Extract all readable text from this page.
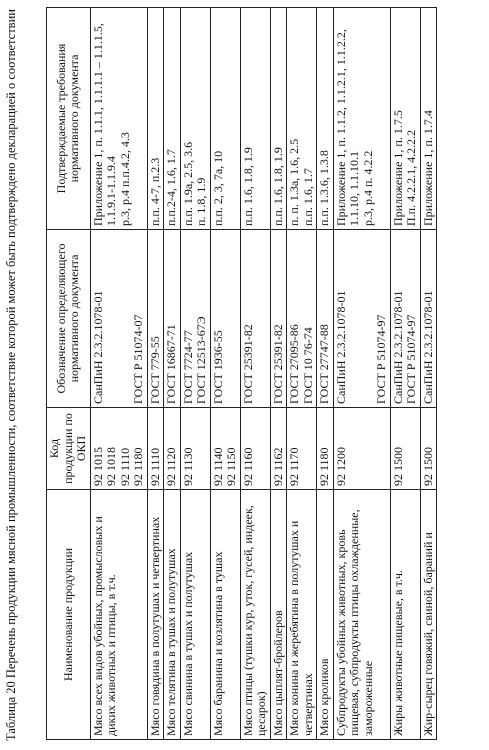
Таблица 20 Перечень продукции мясной промышленности, соответствие которой может быть подтверждено декларацией о соответствии	Наименование продукции	Код продукции по ОКП	Обозначение определяющего нормативного документа	Подтверждаемые требования нормативного документа

Мясо всех видов убойных, промысловых и диких животных и птицы, в т.ч.	92 1015 92 1018 92 1110 92 1180	СанПиН 2.3.2.1078-01 ГОСТ Р 51074-07	Приложение 1, п. 1.1.1, 1.1.1.1 – 1.1.1.5, 1.1.9.1-1.1.9.4 р.3, р.4 п.п.4.2, 4.3

Мясо говядина в полутушах и четвертинах	92 1110	ГОСТ 779-55	п.п. 4-7, п.2.3

Мясо телятина в тушах и полутушах	92 1120	ГОСТ 16867-71	п.п.2-4, 1.6, 1.7

Мясо свинина в тушах и полутушах	92 1130	ГОСТ 7724-77 ГОСТ 12513-67Э	п.п. 1.9а, 2.5, 3.6 п. 1.8, 1.9

Мясо баранина и козлятина в тушах	92 1140 92 1150	ГОСТ 1936-55	п.п. 2, 3, 7а, 10

Мясо птицы (тушки кур, уток, гусей, индеек, цесарок)	92 1160	ГОСТ 25391-82	п.п. 1.6, 1.8, 1.9

Мясо цыплят-бройлеров	92 1162	ГОСТ 25391-82	п.п. 1.6, 1.8, 1.9

Мясо конина и жеребятина в полутушах и четвертинах	92 1170	ГОСТ 27095-86 ГОСТ 10 76-74	п. п. 1.3а, 1.6, 2.5 п.п. 1.6, 1.7

Мясо кроликов	92 1180	ГОСТ 27747-88	п.п. 1.3.6, 1.3.8

Субпродукты убойных животных, кровь пищевая, субпродукты птицы охлажденные, замороженные	92 1200	СанПиН 2.3.2.1078-01 ГОСТ Р 51074-97	Приложение 1, п. 1.1.2, 1.1.2.1, 1.1.2.2, 1.1.10, 1.1.10.1 р.3, р.4 п. 4.2.2

Жиры животные пищевые, в т.ч.	92 1500	СанПиН 2.3.2.1078-01 ГОСТ Р 51074-97	Приложение 1, п. 1.7.5 П.п. 4.2.2.1, 4.2.2.2

Жир-сырец говяжий, свиной, бараний и	92 1500	СанПиН 2.3.2.1078-01	Приложение 1, п. 1.7.4
